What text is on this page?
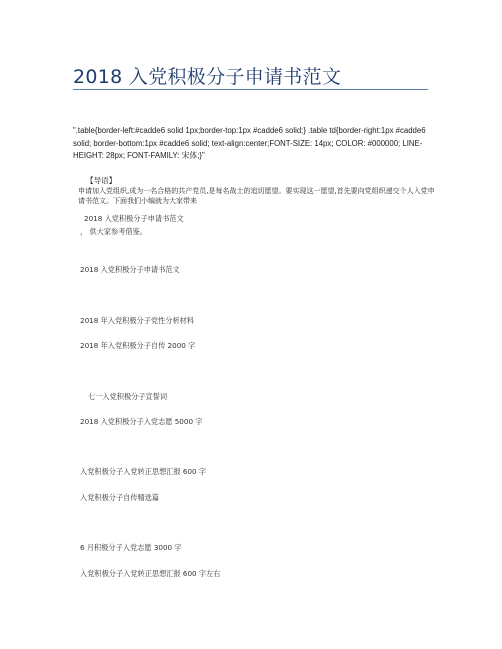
2018 入党积极分子申请书范文
".table{border-left:#cadde6 solid 1px;border-top:1px #cadde6 solid;} .table td{border-right:1px #cadde6 solid; border-bottom:1px #cadde6 solid; text-align:center;FONT-SIZE: 14px; COLOR: #000000; LINE-HEIGHT: 28px; FONT-FAMILY: 宋体;}"
【导语】
申请加入党组织,成为一名合格的共产党员,是每名战士的追切愿望。要实现这一愿望,首先要向党组织递交个人入党申请书范文。下面我们小编就为大家带来
2018 入党积极分子申请书范文
， 供大家参考借鉴。
2018 入党积极分子申请书范文
2018 年入党积极分子党性分析材料
2018 年入党积极分子自传 2000 字
七一入党积极分子宣誓词
2018 入党积极分子入党志愿 5000 字
入党积极分子入党转正思想汇报 600 字
入党积极分子自传精选篇
6 月积极分子入党志愿 3000 字
入党积极分子入党转正思想汇报 600 字左右
